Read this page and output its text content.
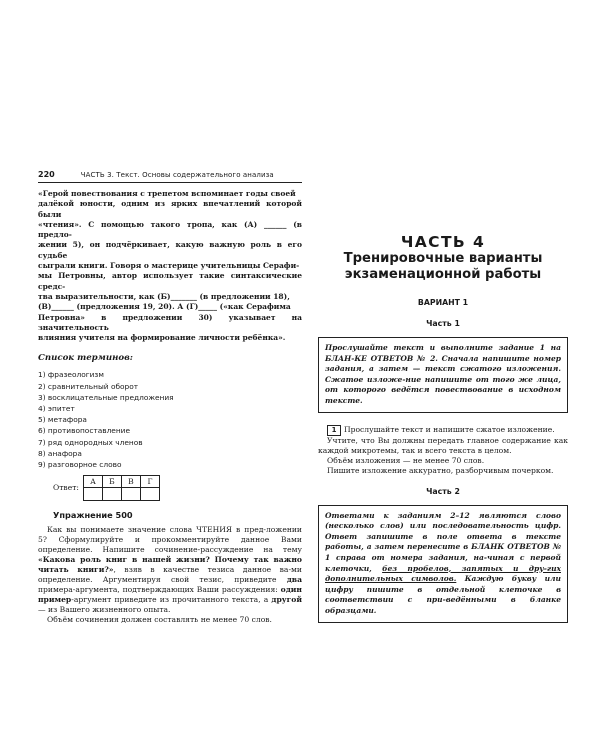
220	ЧАСТЬ 3. Текст. Основы содержательного анализа
«Герой повествования с трепетом вспоминает годы своей
далёкой юности, одним из ярких впечатлений которой были
«чтения». С помощью такого тропа, как (А) ______ (в предло-
жении 5), он подчёркивает, какую важную роль в его судьбе
сыграли книги. Говоря о мастерице учительницы Серафи-
мы Петровны, автор использует такие синтаксические средс-
тва выразительности, как (Б)_______ (в предложении 18),
(В)______ (предложения 19, 20). А (Г)_____ («как Серафима
Петровна» в предложении 30) указывает на значительность
влияния учителя на формирование личности ребёнка».
Список терминов:
1) фразеологизм
2) сравнительный оборот
3) восклицательные предложения
4) эпитет
5) метафора
6) противопоставление
7) ряд однородных членов
8) анафора
9) разговорное слово
Ответ:
А	Б	В	Г

Упражнение 500

Как вы понимаете значение слова ЧТЕНИЯ в пред-ложении 5? Сформулируйте и прокомментируйте данное Вами определение. Напишите сочинение-рассуждение на тему «Какова роль книг в нашей жизни? Почему так важно читать книги?», взяв в качестве тезиса данное ва-ми определение. Аргументируя свой тезис, приведите два примера-аргумента, подтверждающих Ваши рассуждения: один пример-аргумент приведите из прочитанного текста, а другой — из Вашего жизненного опыта.

Объём сочинения должен составлять не менее 70 слов.

ЧАСТЬ 4
Тренировочные варианты
экзаменационной работы
ВАРИАНТ 1
Часть 1
Прослушайте текст и выполните задание 1 на БЛАН-КЕ ОТВЕТОВ № 2. Сначала напишите номер задания, а затем — текст сжатого изложения. Сжатое изложе-ние напишите от того же лица, от которого ведётся повествование в исходном тексте.

1 Прослушайте текст и напишите сжатое изложение.

Учтите, что Вы должны передать главное содержание как каждой микротемы, так и всего текста в целом.

Объём изложения — не менее 70 слов.

Пишите изложение аккуратно, разборчивым почерком.

Часть 2
Ответами к заданиям 2–12 являются слово (несколько слов) или последовательность цифр. Ответ запишите в поле ответа в тексте работы, а затем перенесите в БЛАНК ОТВЕТОВ № 1 справа от номера задания, на-чиная с первой клеточки, без пробелов, запятых и дру-гих дополнительных символов. Каждую букву или цифру пишите в отдельной клеточке в соответствии с при-ведёнными в бланке образцами.
